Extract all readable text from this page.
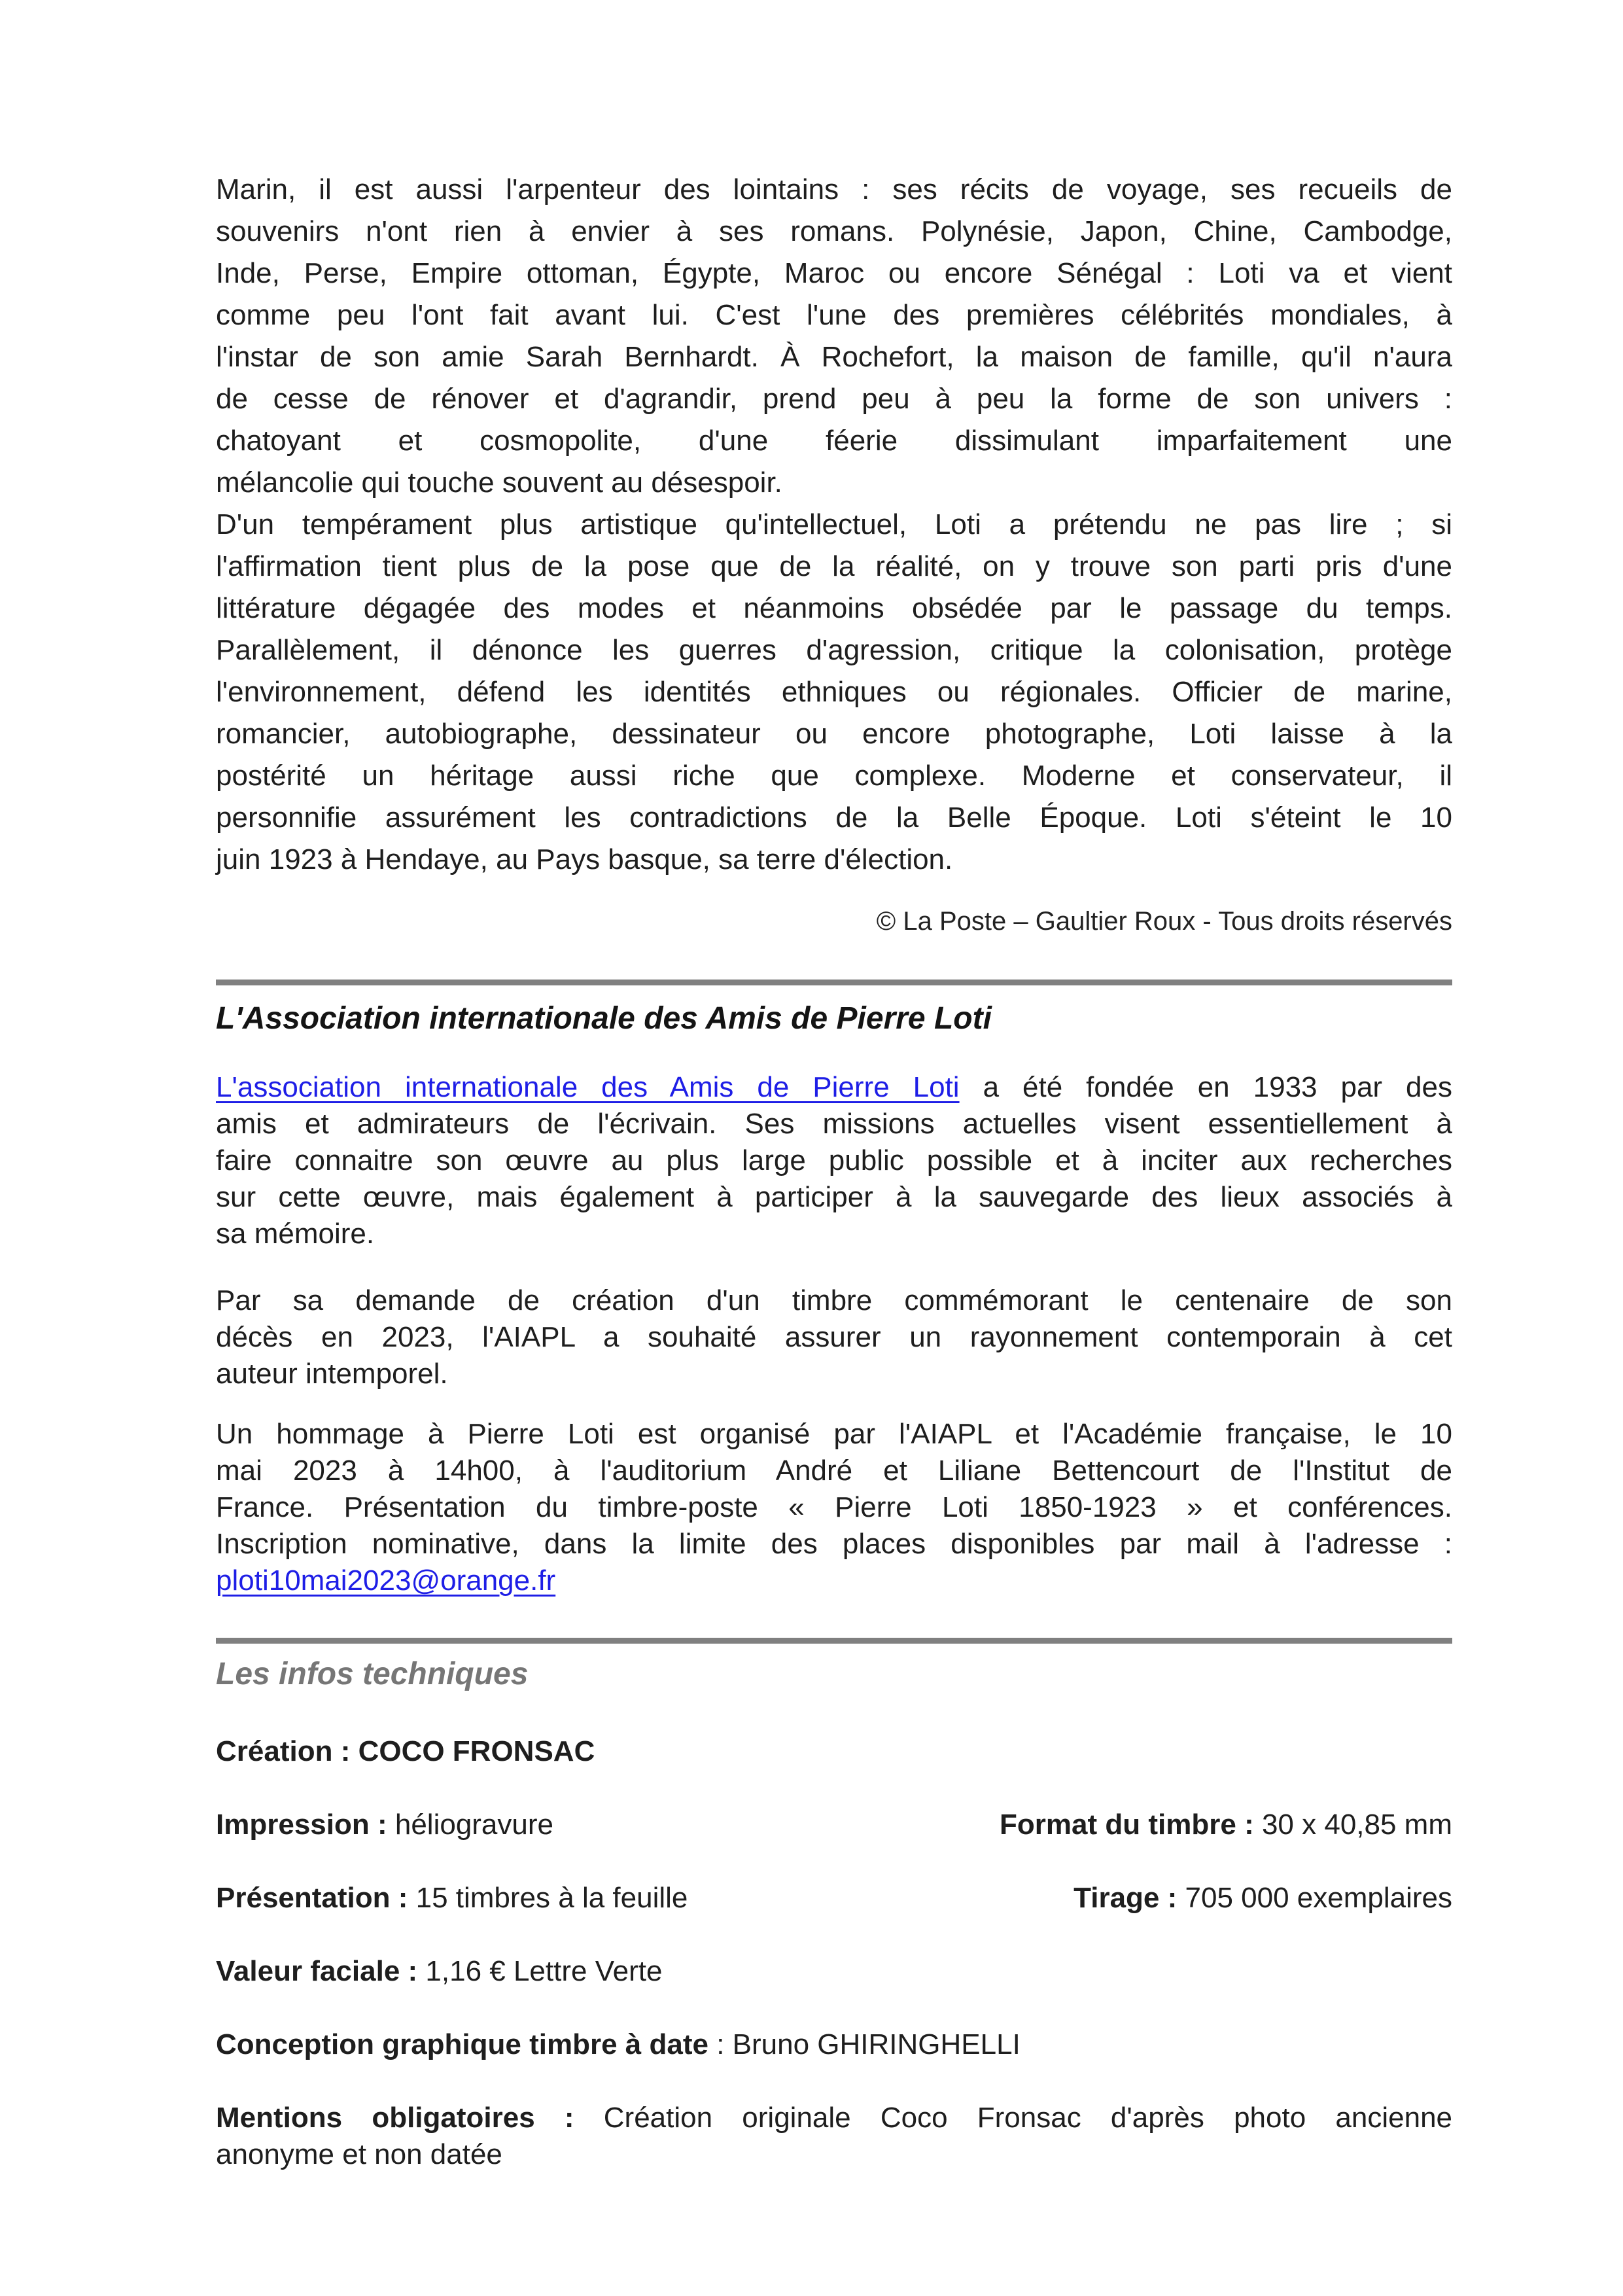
Marin, il est aussi l'arpenteur des lointains : ses récits de voyage, ses recueils de
souvenirs n'ont rien à envier à ses romans. Polynésie, Japon, Chine, Cambodge,
Inde, Perse, Empire ottoman, Égypte, Maroc ou encore Sénégal : Loti va et vient
comme peu l'ont fait avant lui. C'est l'une des premières célébrités mondiales, à
l'instar de son amie Sarah Bernhardt. À Rochefort, la maison de famille, qu'il n'aura
de cesse de rénover et d'agrandir, prend peu à peu la forme de son univers :
chatoyant et cosmopolite, d'une féerie dissimulant imparfaitement une
mélancolie qui touche souvent au désespoir.
D'un tempérament plus artistique qu'intellectuel, Loti a prétendu ne pas lire ; si
l'affirmation tient plus de la pose que de la réalité, on y trouve son parti pris d'une
littérature dégagée des modes et néanmoins obsédée par le passage du temps.
Parallèlement, il dénonce les guerres d'agression, critique la colonisation, protège
l'environnement, défend les identités ethniques ou régionales. Officier de marine,
romancier, autobiographe, dessinateur ou encore photographe, Loti laisse à la
postérité un héritage aussi riche que complexe. Moderne et conservateur, il
personnifie assurément les contradictions de la Belle Époque. Loti s'éteint le 10
juin 1923 à Hendaye, au Pays basque, sa terre d'élection.
© La Poste – Gaultier Roux - Tous droits réservés
L'Association internationale des Amis de Pierre Loti
L'association internationale des Amis de Pierre Loti a été fondée en 1933 par des
amis et admirateurs de l'écrivain. Ses missions actuelles visent essentiellement à
faire connaitre son œuvre au plus large public possible et à inciter aux recherches
sur cette œuvre, mais également à participer à la sauvegarde des lieux associés à
sa mémoire.
Par sa demande de création d'un timbre commémorant le centenaire de son
décès en 2023, l'AIAPL a souhaité assurer un rayonnement contemporain à cet
auteur intemporel.
Un hommage à Pierre Loti est organisé par l'AIAPL et l'Académie française, le 10
mai 2023 à 14h00, à l'auditorium André et Liliane Bettencourt de l'Institut de
France. Présentation du timbre-poste « Pierre Loti 1850-1923 » et conférences.
Inscription nominative, dans la limite des places disponibles par mail à l'adresse :
ploti10mai2023@orange.fr
Les infos techniques
Création : COCO FRONSAC
Impression : héliogravure	Format du timbre : 30 x 40,85 mm
Présentation : 15 timbres à la feuille	Tirage : 705 000 exemplaires
Valeur faciale : 1,16 € Lettre Verte
Conception graphique timbre à date : Bruno GHIRINGHELLI
Mentions obligatoires : Création originale Coco Fronsac d'après photo ancienne
anonyme et non datée
